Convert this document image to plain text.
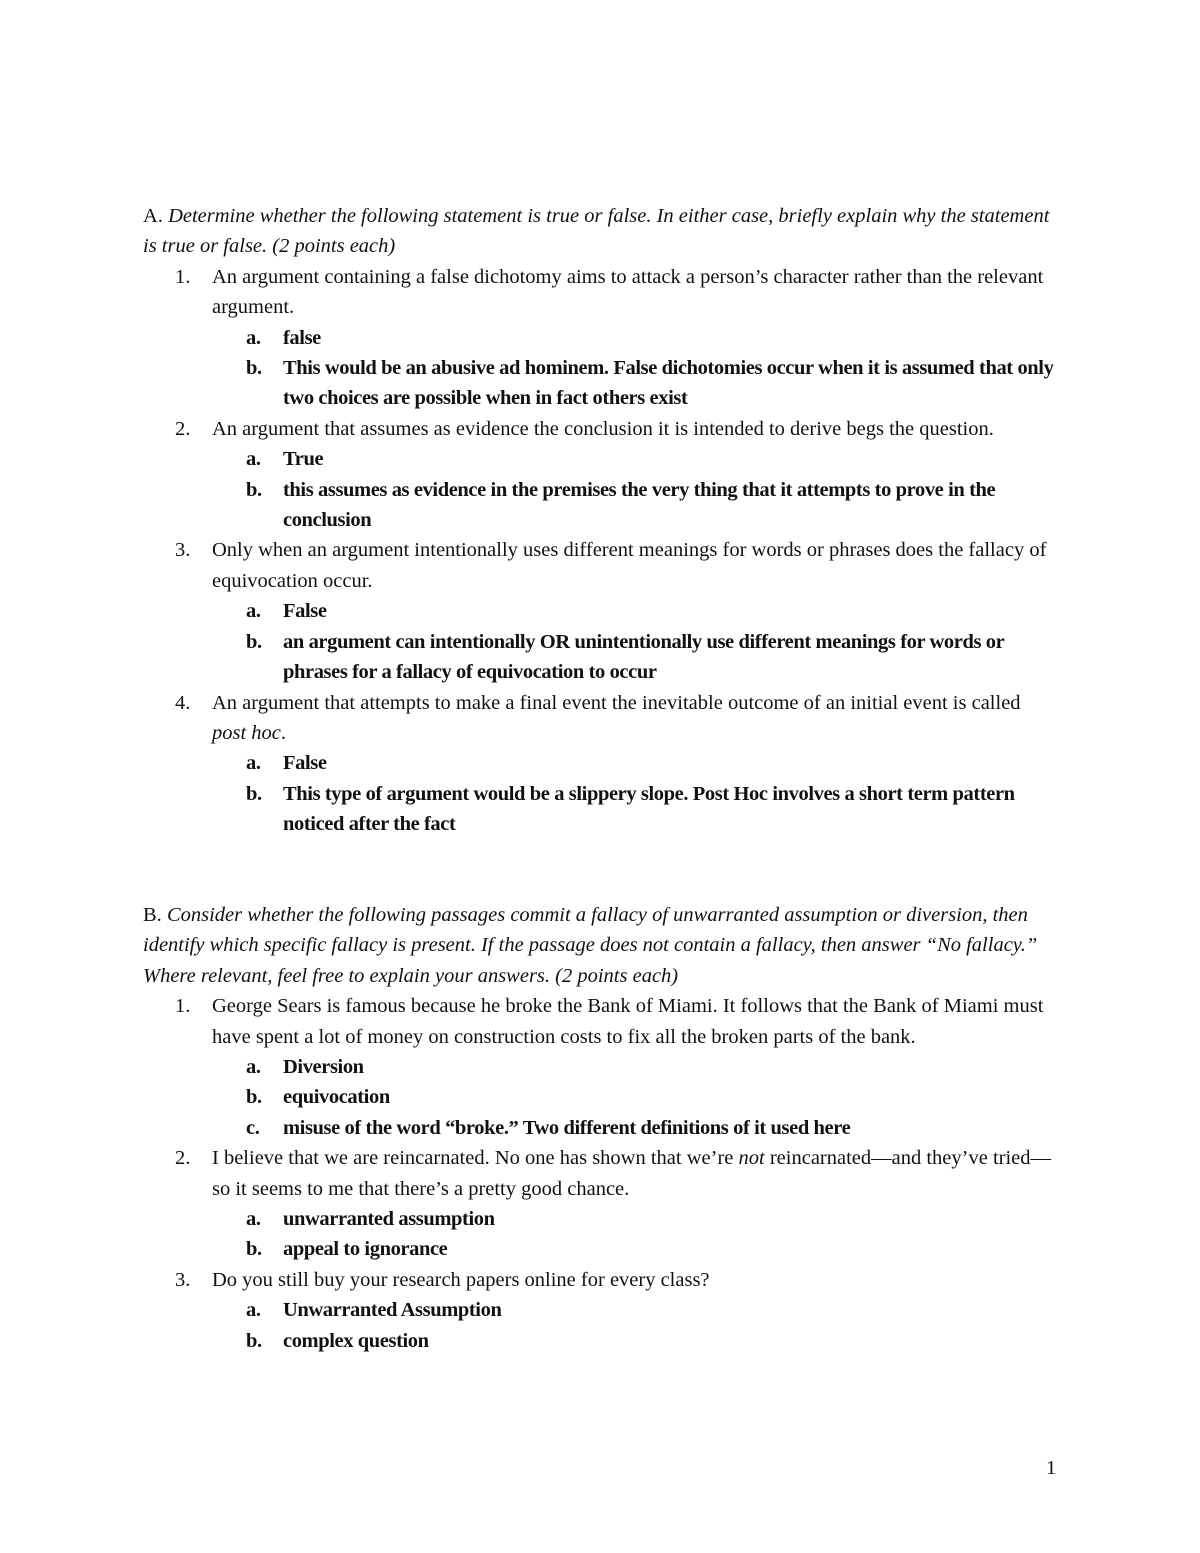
A. Determine whether the following statement is true or false. In either case, briefly explain why the statement is true or false. (2 points each)

1. An argument containing a false dichotomy aims to attack a person’s character rather than the relevant argument.
a. false
b. This would be an abusive ad hominem. False dichotomies occur when it is assumed that only two choices are possible when in fact others exist
2. An argument that assumes as evidence the conclusion it is intended to derive begs the question.
a. True
b. this assumes as evidence in the premises the very thing that it attempts to prove in the conclusion
3. Only when an argument intentionally uses different meanings for words or phrases does the fallacy of equivocation occur.
a. False
b. an argument can intentionally OR unintentionally use different meanings for words or phrases for a fallacy of equivocation to occur
4. An argument that attempts to make a final event the inevitable outcome of an initial event is called post hoc.
a. False
b. This type of argument would be a slippery slope. Post Hoc involves a short term pattern noticed after the fact

B. Consider whether the following passages commit a fallacy of unwarranted assumption or diversion, then identify which specific fallacy is present. If the passage does not contain a fallacy, then answer “No fallacy.” Where relevant, feel free to explain your answers. (2 points each)

1. George Sears is famous because he broke the Bank of Miami. It follows that the Bank of Miami must have spent a lot of money on construction costs to fix all the broken parts of the bank.
a. Diversion
b. equivocation
c. misuse of the word “broke.” Two different definitions of it used here
2. I believe that we are reincarnated. No one has shown that we’re not reincarnated—and they’ve tried—so it seems to me that there’s a pretty good chance.
a. unwarranted assumption
b. appeal to ignorance
3. Do you still buy your research papers online for every class?
a. Unwarranted Assumption
b. complex question
1
